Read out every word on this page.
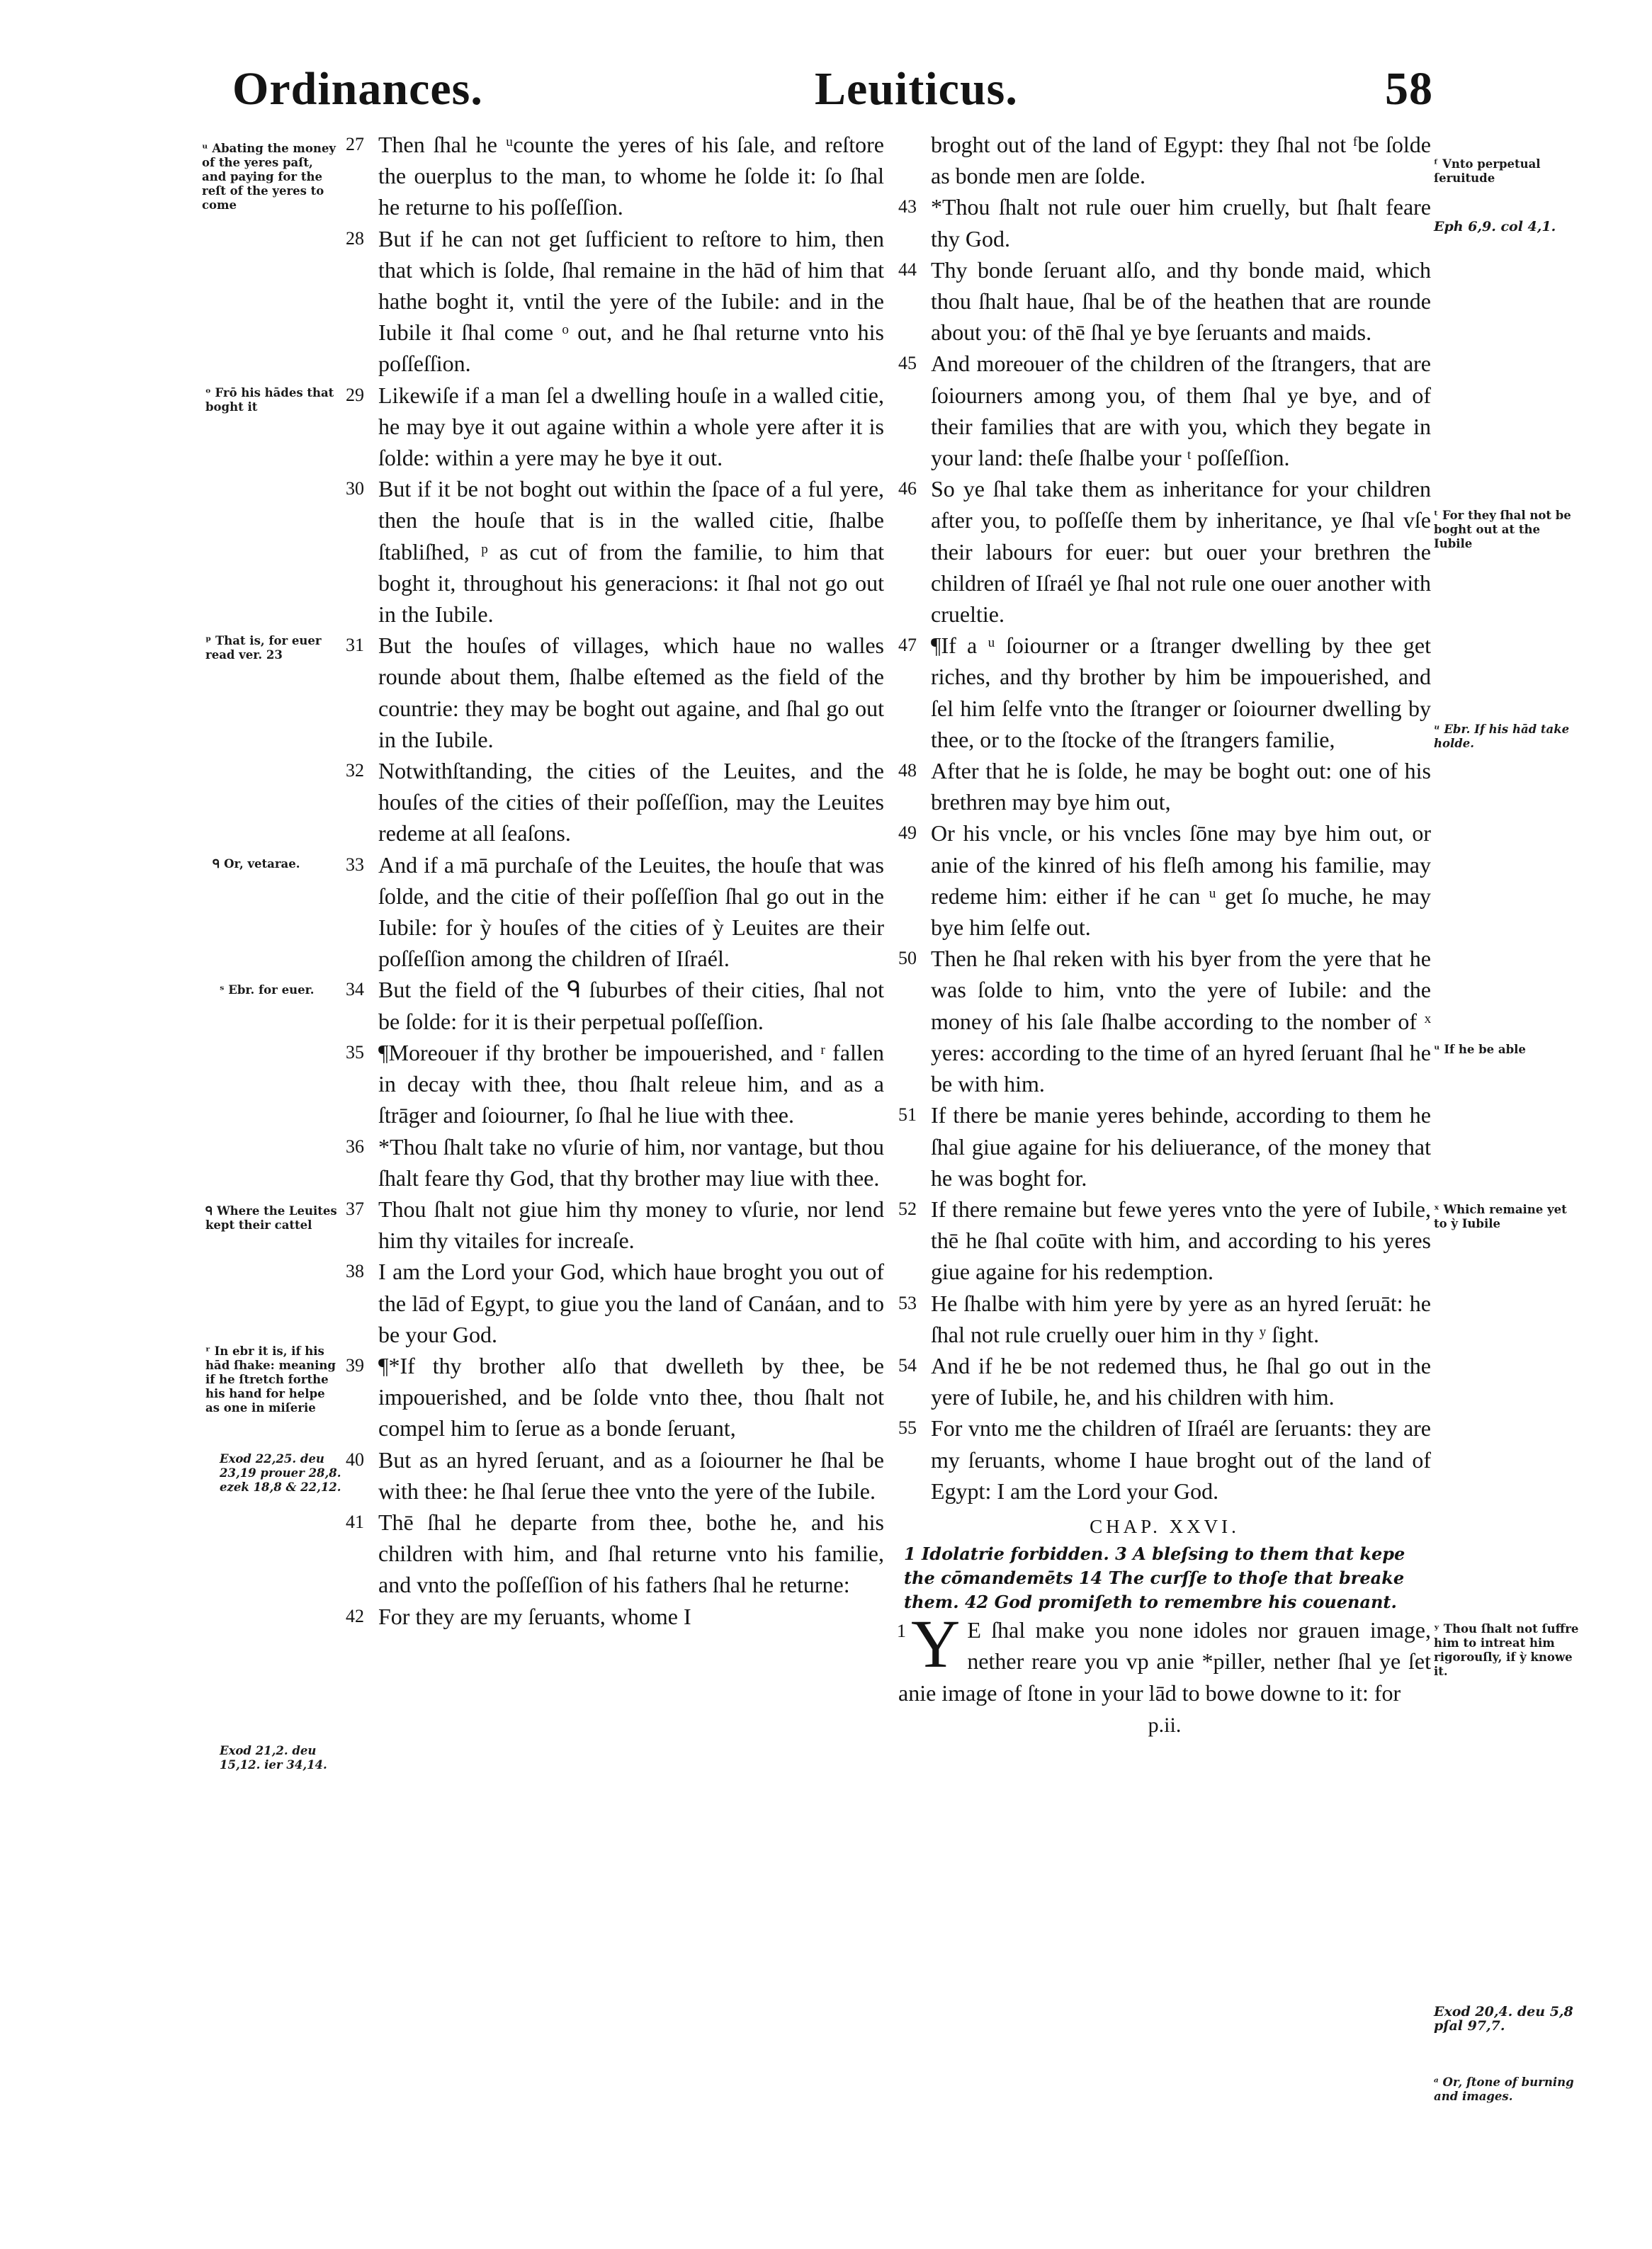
Ordinances.	Leuiticus.	58
ᵘ Abating the money of the yeres paſt, and paying for the reſt of the yeres to come
ᵒ Frō his hādes that boght it
ᵖ That is, for euer read ver. 23
ᑫ Or, vetarae.
ˢ Ebr. for euer.
ᑫ Where the Leuites kept their cattel
ʳ In ebr it is, if his hād ſhake: meaning if he ſtretch forthe his hand for helpe as one in miſerie
Exod 22,25. deu 23,19 prouer 28,8. ezek 18,8 & 22,12.
Exod 21,2. deu 15,12. ier 34,14.
27 Then ſhal he ᵘcounte the yeres of his ſale, and reſtore the ouerplus to the man, to whome he ſolde it: ſo ſhal he returne to his poſſeſſion.
28 But if he can not get ſufficient to reſtore to him, then that which is ſolde, ſhal remaine in the hād of him that hathe boght it, vntil the yere of the Iubile: and in the Iubile it ſhal come ᵒ out, and he ſhal returne vnto his poſſeſſion.
29 Likewiſe if a man ſel a dwelling houſe in a walled citie, he may bye it out againe within a whole yere after it is ſolde: within a yere may he bye it out.
30 But if it be not boght out within the ſpace of a ful yere, then the houſe that is in the walled citie, ſhalbe ſtabliſhed, ᵖ as cut of from the familie, to him that boght it, throughout his generacions: it ſhal not go out in the Iubile.
31 But the houſes of villages, which haue no walles rounde about them, ſhalbe eſtemed as the field of the countrie: they may be boght out againe, and ſhal go out in the Iubile.
32 Notwithſtanding, the cities of the Leuites, and the houſes of the cities of their poſſeſſion, may the Leuites redeme at all ſeaſons.
33 And if a mā purchaſe of the Leuites, the houſe that was ſolde, and the citie of their poſſeſſion ſhal go out in the Iubile: for ỳ houſes of the cities of ỳ Leuites are their poſſeſſion among the children of Iſraél.
34 But the field of the ᑫ ſuburbes of their cities, ſhal not be ſolde: for it is their perpetual poſſeſſion.
35 ¶Moreouer if thy brother be impouerished, and ʳ fallen in decay with thee, thou ſhalt releue him, and as a ſtrāger and ſoiourner, ſo ſhal he liue with thee.
36 *Thou ſhalt take no vſurie of him, nor vantage, but thou ſhalt feare thy God, that thy brother may liue with thee.
37 Thou ſhalt not giue him thy money to vſurie, nor lend him thy vitailes for increaſe.
38 I am the Lord your God, which haue broght you out of the lād of Egypt, to giue you the land of Canáan, and to be your God.
39 ¶*If thy brother alſo that dwelleth by thee, be impouerished, and be ſolde vnto thee, thou ſhalt not compel him to ſerue as a bonde ſeruant,
40 But as an hyred ſeruant, and as a ſoiourner he ſhal be with thee: he ſhal ſerue thee vnto the yere of the Iubile.
41 Thē ſhal he departe from thee, bothe he, and his children with him, and ſhal returne vnto his familie, and vnto the poſſeſſion of his fathers ſhal he returne:
42 For they are my ſeruants, whome I
broght out of the land of Egypt: they ſhal not ᶠbe ſolde as bonde men are ſolde.
43 *Thou ſhalt not rule ouer him cruelly, but ſhalt feare thy God.
44 Thy bonde ſeruant alſo, and thy bonde maid, which thou ſhalt haue, ſhal be of the heathen that are rounde about you: of thē ſhal ye bye ſeruants and maids.
45 And moreouer of the children of the ſtrangers, that are ſoiourners among you, of them ſhal ye bye, and of their families that are with you, which they begate in your land: theſe ſhalbe your ᵗ poſſeſſion.
46 So ye ſhal take them as inheritance for your children after you, to poſſeſſe them by inheritance, ye ſhal vſe their labours for euer: but ouer your brethren the children of Iſraél ye ſhal not rule one ouer another with crueltie.
47 ¶If a ᵘ ſoiourner or a ſtranger dwelling by thee get riches, and thy brother by him be impouerished, and ſel him ſelfe vnto the ſtranger or ſoiourner dwelling by thee, or to the ſtocke of the ſtrangers familie,
48 After that he is ſolde, he may be boght out: one of his brethren may bye him out,
49 Or his vncle, or his vncles ſōne may bye him out, or anie of the kinred of his fleſh among his familie, may redeme him: either if he can ᵘ get ſo muche, he may bye him ſelfe out.
50 Then he ſhal reken with his byer from the yere that he was ſolde to him, vnto the yere of Iubile: and the money of his ſale ſhalbe according to the nomber of ˣ yeres: according to the time of an hyred ſeruant ſhal he be with him.
51 If there be manie yeres behinde, according to them he ſhal giue againe for his deliuerance, of the money that he was boght for.
52 If there remaine but fewe yeres vnto the yere of Iubile, thē he ſhal coūte with him, and according to his yeres giue againe for his redemption.
53 He ſhalbe with him yere by yere as an hyred ſeruāt: he ſhal not rule cruelly ouer him in thy ʸ ſight.
54 And if he be not redemed thus, he ſhal go out in the yere of Iubile, he, and his children with him.
55 For vnto me the children of Iſraél are ſeruants: they are my ſeruants, whome I haue broght out of the land of Egypt: I am the Lord your God.
CHAP. XXVI.
1 Idolatrie forbidden. 3 A bleſsing to them that kepe the cōmandemēts 14 The curſſe to thoſe that breake them. 42 God promiſeth to remembre his couenant.
1 Y E ſhal make you none idoles nor grauen image, nether reare you vp anie *piller, nether ſhal ye ſet anie image of ſtone in your lād to bowe downe to it: for
p.ii.
ᶠ Vnto perpetual ſeruitude
Eph 6,9. col 4,1.
ᵗ For they ſhal not be boght out at the Iubile
ᵘ Ebr. If his hād take holde.
ᵘ If he be able
ˣ Which remaine yet to ỳ Iubile
ʸ Thou ſhalt not ſuffre him to intreat him rigorouſly, if ỳ knowe it.
Exod 20,4. deu 5,8 pſal 97,7.
ᵃ Or, ſtone of burning and images.
